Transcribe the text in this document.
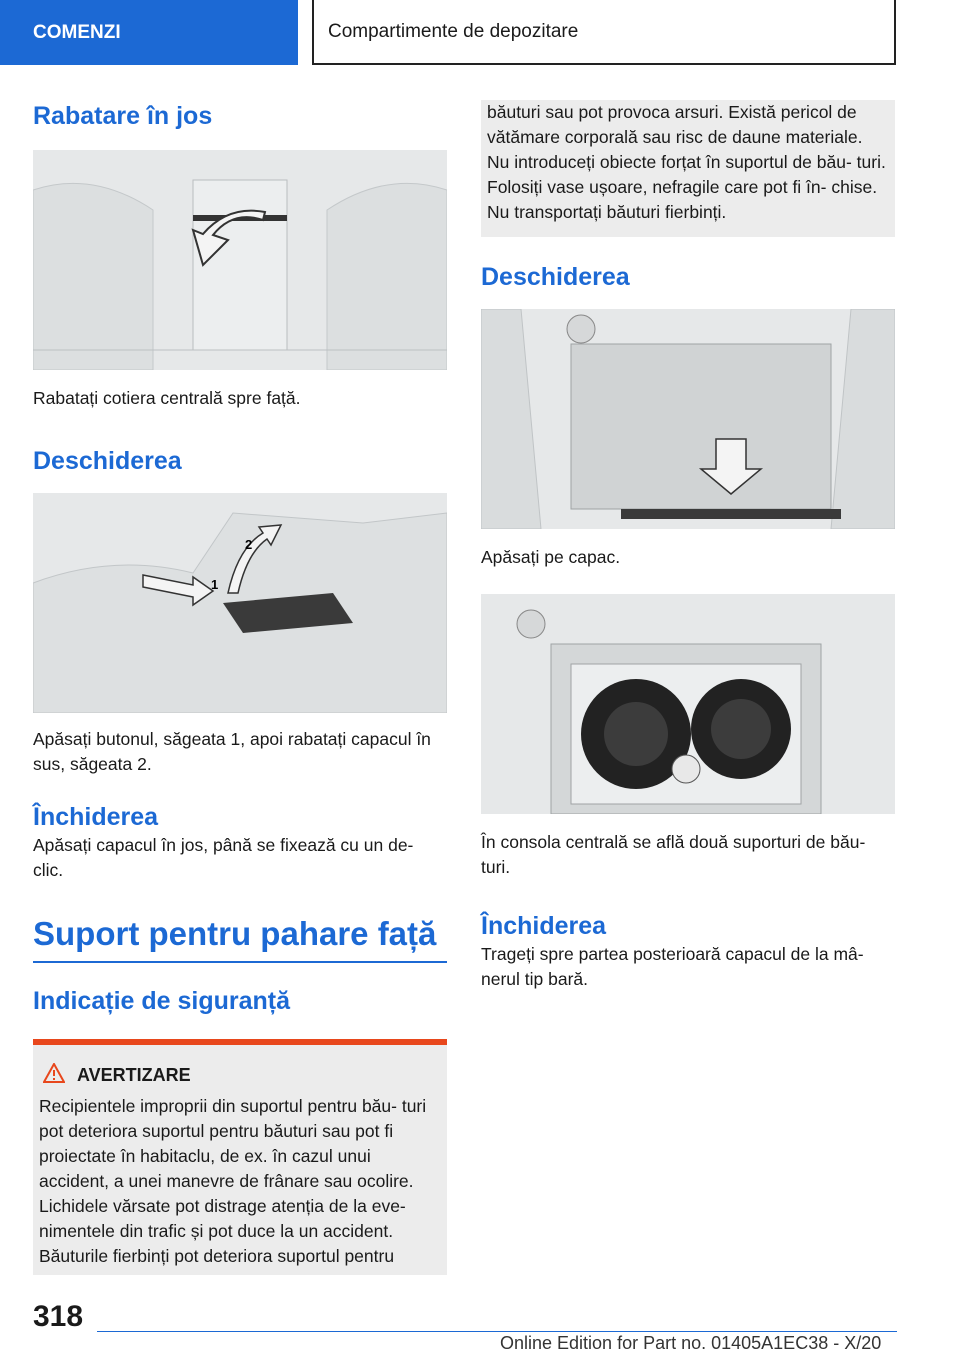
COMENZI	Compartimente de depozitare
Rabatare în jos

Rabatați cotiera centrală spre față.

Deschiderea
1
2

Apăsați butonul, săgeata 1, apoi rabatați capacul în sus, săgeata 2.

Închiderea

Apăsați capacul în jos, până se fixează cu un de‐ clic.

Suport pentru pahare față
Indicație de siguranță
AVERTIZARE

Recipientele improprii din suportul pentru bău‐ turi pot deteriora suportul pentru băuturi sau pot fi proiectate în habitaclu, de ex. în cazul unui accident, a unei manevre de frânare sau ocolire. Lichidele vărsate pot distrage atenția de la eve‐ nimentele din trafic și pot duce la un accident. Băuturile fierbinți pot deteriora suportul pentru

băuturi sau pot provoca arsuri. Există pericol de vătămare corporală sau risc de daune materiale. Nu introduceți obiecte forțat în suportul de bău‐ turi. Folosiți vase ușoare, nefragile care pot fi în‐ chise. Nu transportați băuturi fierbinți.

Deschiderea

Apăsați pe capac.

În consola centrală se află două suporturi de bău‐ turi.

Închiderea

Trageți spre partea posterioară capacul de la mâ‐ nerul tip bară.

318
Online Edition for Part no. 01405A1EC38 - X/20
